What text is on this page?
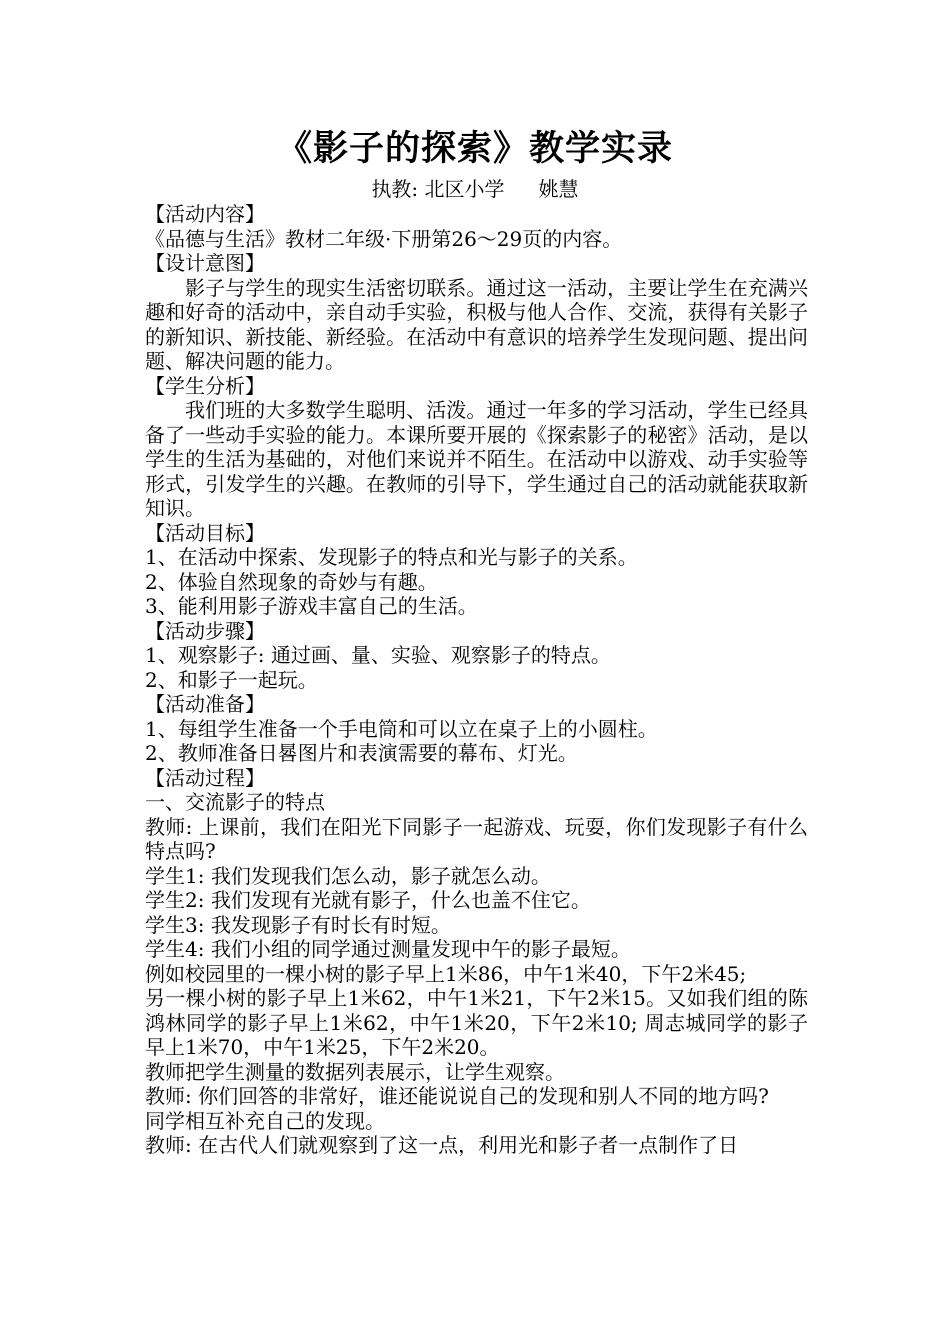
《影子的探索》教学实录
执教: 北区小学 姚慧

【活动内容】

《品德与生活》教材二年级·下册第26～29页的内容。

【设计意图】

影子与学生的现实生活密切联系。通过这一活动，主要让学生在充满兴趣和好奇的活动中，亲自动手实验，积极与他人合作、交流，获得有关影子的新知识、新技能、新经验。在活动中有意识的培养学生发现问题、提出问题、解决问题的能力。

【学生分析】

我们班的大多数学生聪明、活泼。通过一年多的学习活动，学生已经具备了一些动手实验的能力。本课所要开展的《探索影子的秘密》活动，是以学生的生活为基础的，对他们来说并不陌生。在活动中以游戏、动手实验等形式，引发学生的兴趣。在教师的引导下，学生通过自己的活动就能获取新知识。

【活动目标】

1、在活动中探索、发现影子的特点和光与影子的关系。

2、体验自然现象的奇妙与有趣。

3、能利用影子游戏丰富自己的生活。

【活动步骤】

1、观察影子: 通过画、量、实验、观察影子的特点。

2、和影子一起玩。

【活动准备】

1、每组学生准备一个手电筒和可以立在桌子上的小圆柱。

2、教师准备日晷图片和表演需要的幕布、灯光。

【活动过程】

一、交流影子的特点

教师: 上课前，我们在阳光下同影子一起游戏、玩耍，你们发现影子有什么特点吗?

学生1: 我们发现我们怎么动，影子就怎么动。

学生2: 我们发现有光就有影子，什么也盖不住它。

学生3: 我发现影子有时长有时短。

学生4: 我们小组的同学通过测量发现中午的影子最短。

例如校园里的一棵小树的影子早上1米86，中午1米40，下午2米45;

另一棵小树的影子早上1米62，中午1米21，下午2米15。又如我们组的陈鸿林同学的影子早上1米62，中午1米20，下午2米10; 周志城同学的影子早上1米70，中午1米25，下午2米20。

教师把学生测量的数据列表展示，让学生观察。

教师: 你们回答的非常好，谁还能说说自己的发现和别人不同的地方吗?

同学相互补充自己的发现。

教师: 在古代人们就观察到了这一点，利用光和影子者一点制作了日
